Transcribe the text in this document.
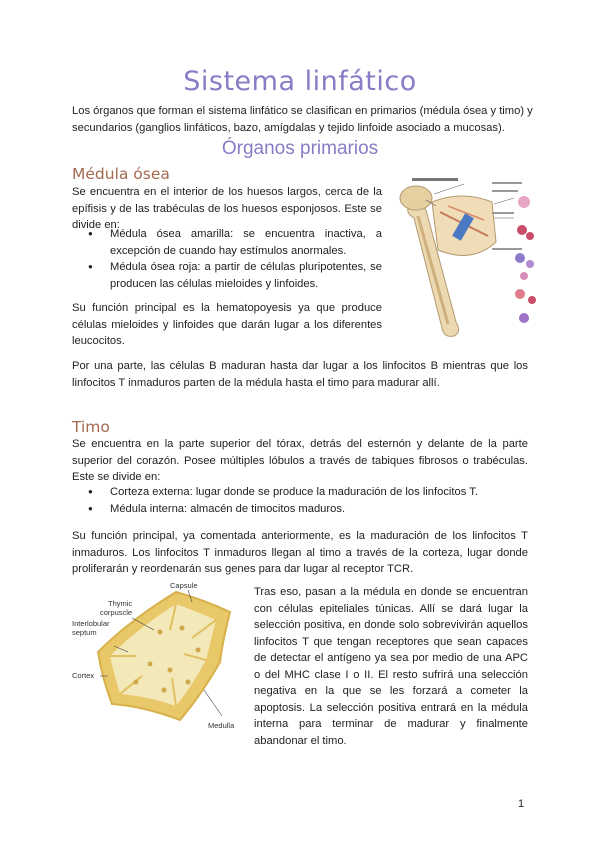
Sistema linfático
Los órganos que forman el sistema linfático se clasifican en primarios (médula ósea y timo) y secundarios (ganglios linfáticos, bazo, amígdalas y tejido linfoide asociado a mucosas).
Órganos primarios
Médula ósea
Se encuentra en el interior de los huesos largos, cerca de la epífisis y de las trabéculas de los huesos esponjosos. Este se divide en:
● Médula ósea amarilla: se encuentra inactiva, a excepción de cuando hay estímulos anormales.
● Médula ósea roja: a partir de células pluripotentes, se producen las células mieloides y linfoides.
Su función principal es la hematopoyesis ya que produce células mieloides y linfoides que darán lugar a los diferentes leucocitos.
Por una parte, las células B maduran hasta dar lugar a los linfocitos B mientras que los linfocitos T inmaduros parten de la médula hasta el timo para madurar allí.
Timo
Se encuentra en la parte superior del tórax, detrás del esternón y delante de la parte superior del corazón. Posee múltiples lóbulos a través de tabiques fibrosos o trabéculas. Este se divide en:
● Corteza externa: lugar donde se produce la maduración de los linfocitos T.
● Médula interna: almacén de timocitos maduros.
Su función principal, ya comentada anteriormente, es la maduración de los linfocitos T inmaduros. Los linfocitos T inmaduros llegan al timo a través de la corteza, lugar donde proliferarán y reordenarán sus genes para dar lugar al receptor TCR.
Tras eso, pasan a la médula en donde se encuentran con células epiteliales túnicas. Allí se dará lugar la selección positiva, en donde solo sobrevivirán aquellos linfocitos T que tengan receptores que sean capaces de detectar el antígeno ya sea por medio de una APC o del MHC clase I o II. El resto sufrirá una selección negativa en la que se les forzará a cometer la apoptosis. La selección positiva entrará en la médula interna para terminar de madurar y finalmente abandonar el timo.
Capsule
Thymic corpuscle
Interlobular septum
Cortex
Medulla
1
